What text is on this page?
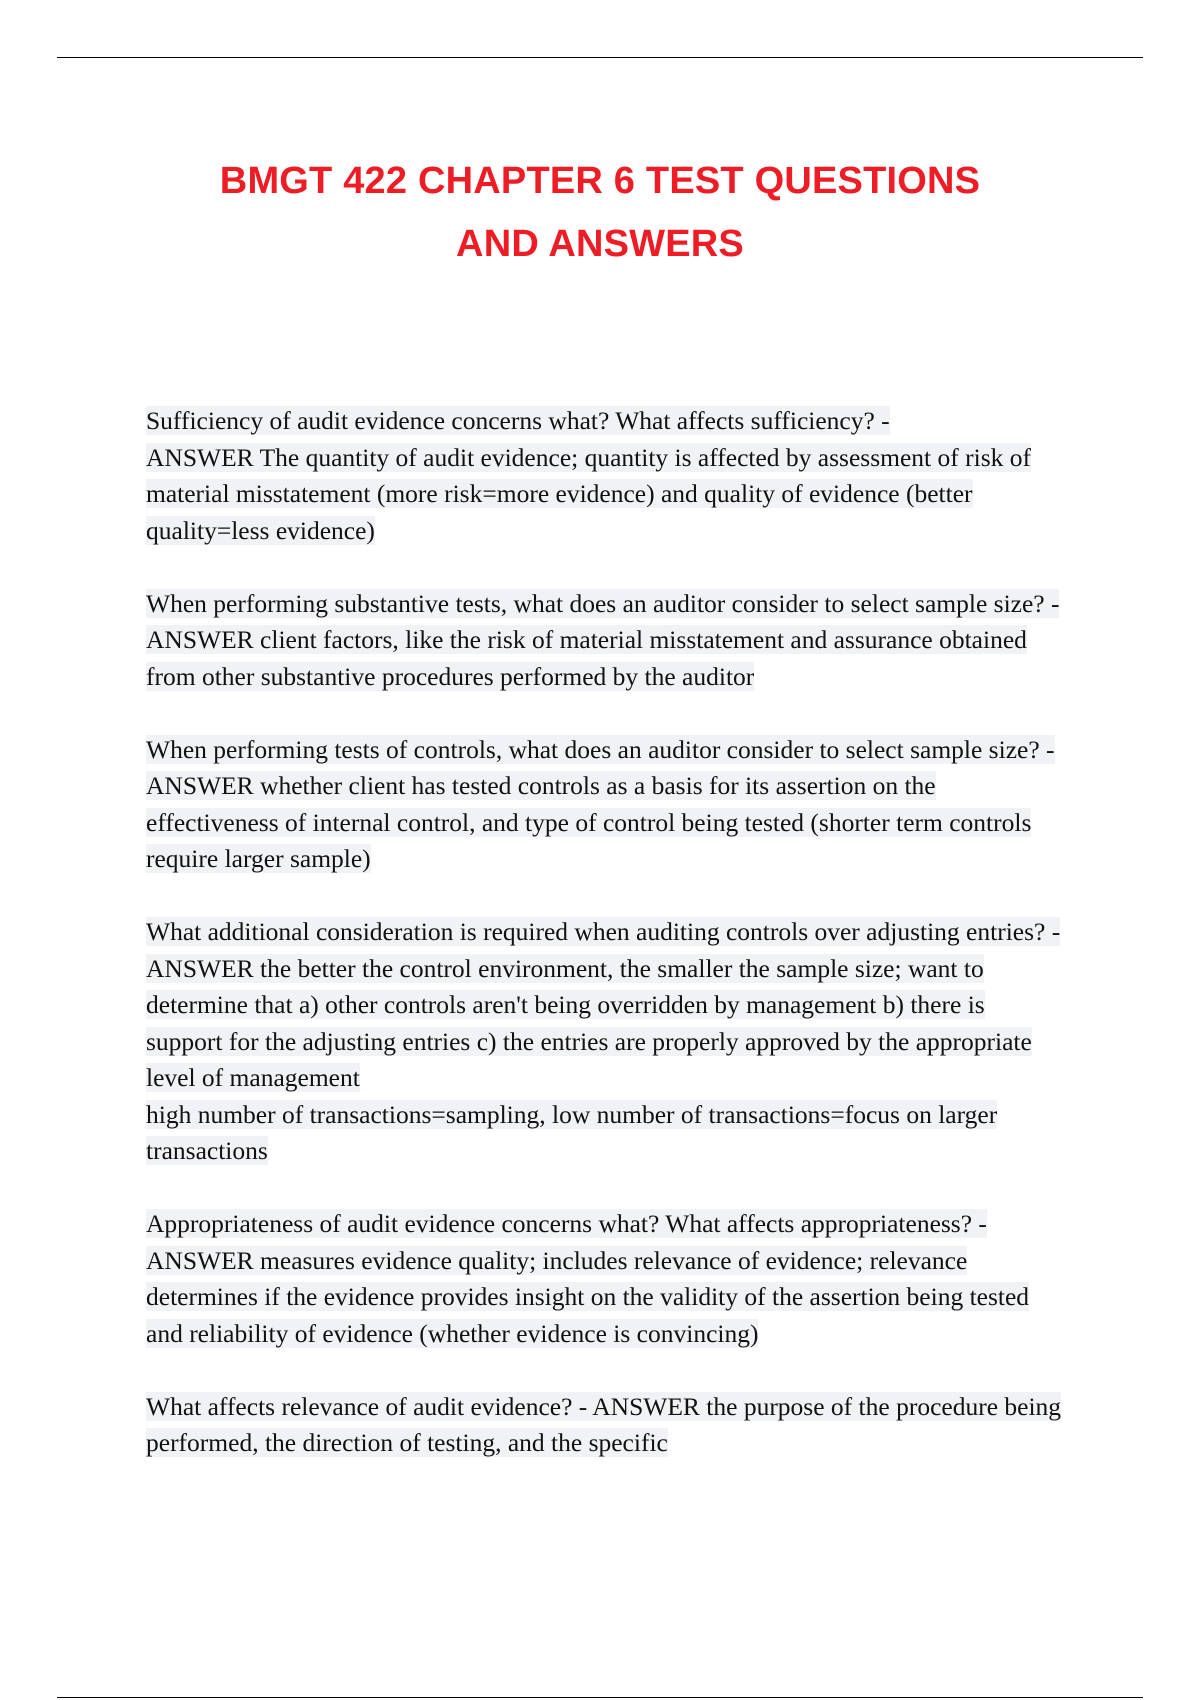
BMGT 422 CHAPTER 6 TEST QUESTIONS
AND ANSWERS

Sufficiency of audit evidence concerns what? What affects sufficiency? -
ANSWER The quantity of audit evidence; quantity is affected by assessment of risk of material misstatement (more risk=more evidence) and quality of evidence (better quality=less evidence)

When performing substantive tests, what does an auditor consider to select sample size? - ANSWER client factors, like the risk of material misstatement and assurance obtained from other substantive procedures performed by the auditor

When performing tests of controls, what does an auditor consider to select sample size? - ANSWER whether client has tested controls as a basis for its assertion on the effectiveness of internal control, and type of control being tested (shorter term controls require larger sample)

What additional consideration is required when auditing controls over adjusting entries? - ANSWER the better the control environment, the smaller the sample size; want to determine that a) other controls aren't being overridden by management b) there is support for the adjusting entries c) the entries are properly approved by the appropriate level of management
high number of transactions=sampling, low number of transactions=focus on larger transactions

Appropriateness of audit evidence concerns what? What affects appropriateness? - ANSWER measures evidence quality; includes relevance of evidence; relevance determines if the evidence provides insight on the validity of the assertion being tested and reliability of evidence (whether evidence is convincing)

What affects relevance of audit evidence? - ANSWER the purpose of the procedure being performed, the direction of testing, and the specific
